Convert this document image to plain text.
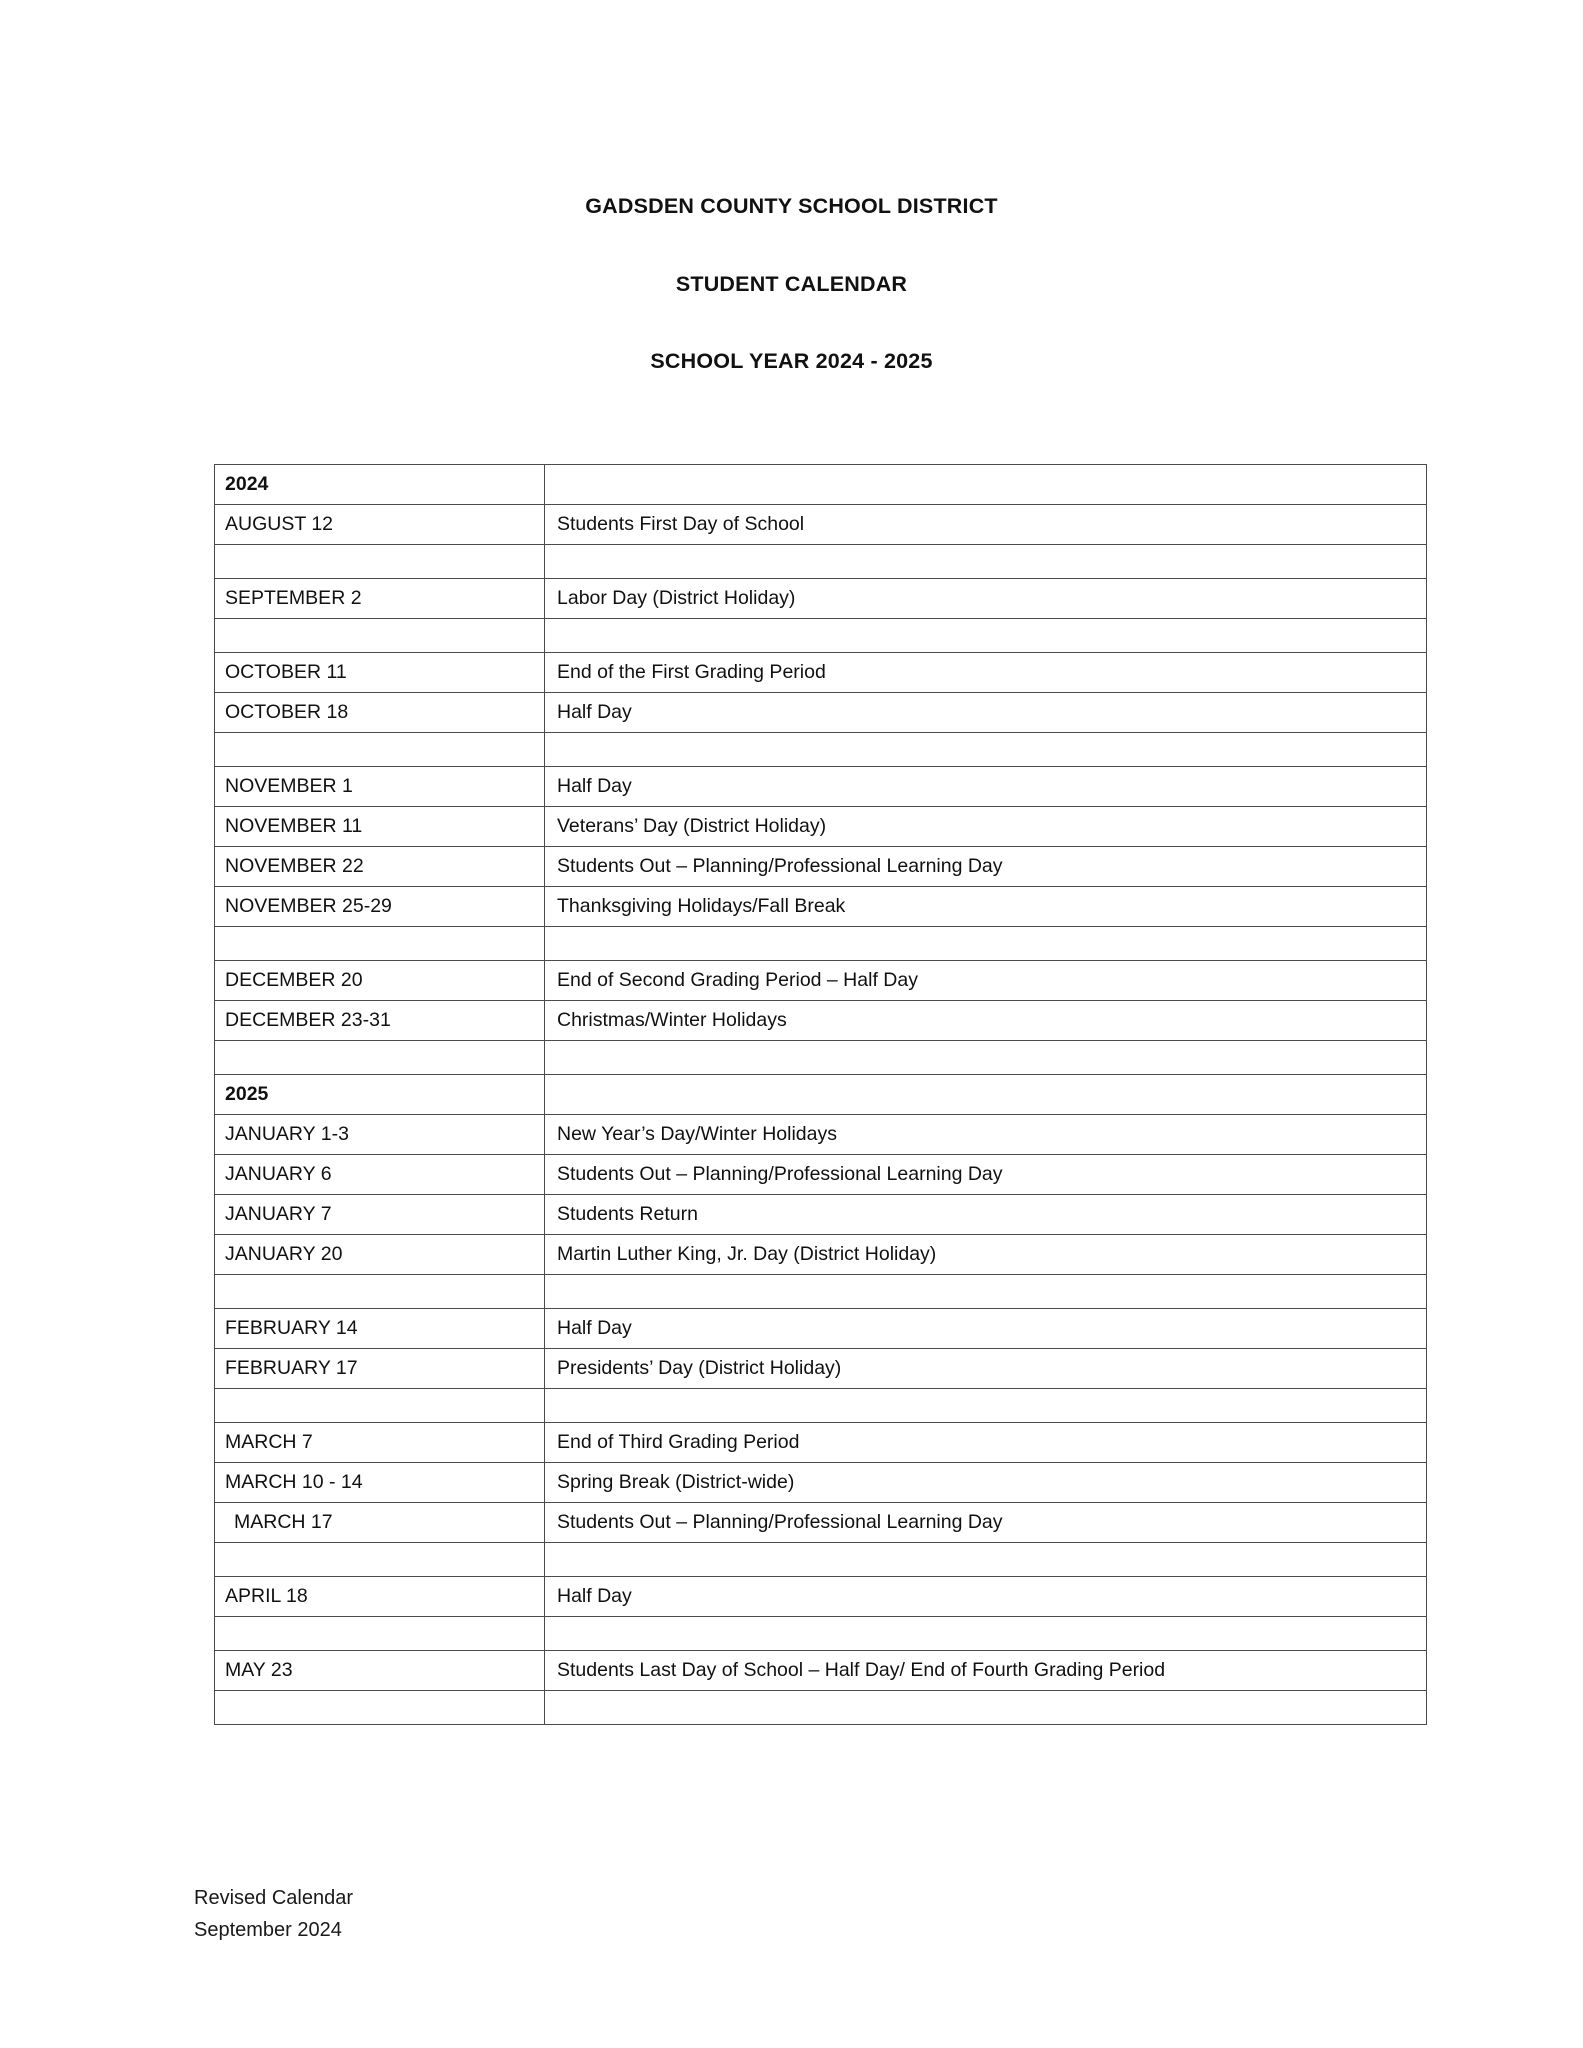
GADSDEN COUNTY SCHOOL DISTRICT
STUDENT CALENDAR
SCHOOL YEAR 2024 - 2025
2024	
AUGUST 12	Students First Day of School

SEPTEMBER 2	Labor Day (District Holiday)

OCTOBER 11	End of the First Grading Period
OCTOBER 18	Half Day

NOVEMBER 1	Half Day
NOVEMBER 11	Veterans’ Day (District Holiday)
NOVEMBER 22	Students Out – Planning/Professional Learning Day
NOVEMBER 25-29	Thanksgiving Holidays/Fall Break

DECEMBER 20	End of Second Grading Period – Half Day
DECEMBER 23-31	Christmas/Winter Holidays

2025	
JANUARY 1-3	New Year’s Day/Winter Holidays
JANUARY 6	Students Out – Planning/Professional Learning Day
JANUARY 7	Students Return
JANUARY 20	Martin Luther King, Jr. Day (District Holiday)

FEBRUARY 14	Half Day
FEBRUARY 17	Presidents’ Day (District Holiday)

MARCH 7	End of Third Grading Period
MARCH 10 - 14	Spring Break (District-wide)
MARCH 17	Students Out – Planning/Professional Learning Day

APRIL 18	Half Day

MAY 23	Students Last Day of School – Half Day/ End of Fourth Grading Period

Revised Calendar
September 2024
